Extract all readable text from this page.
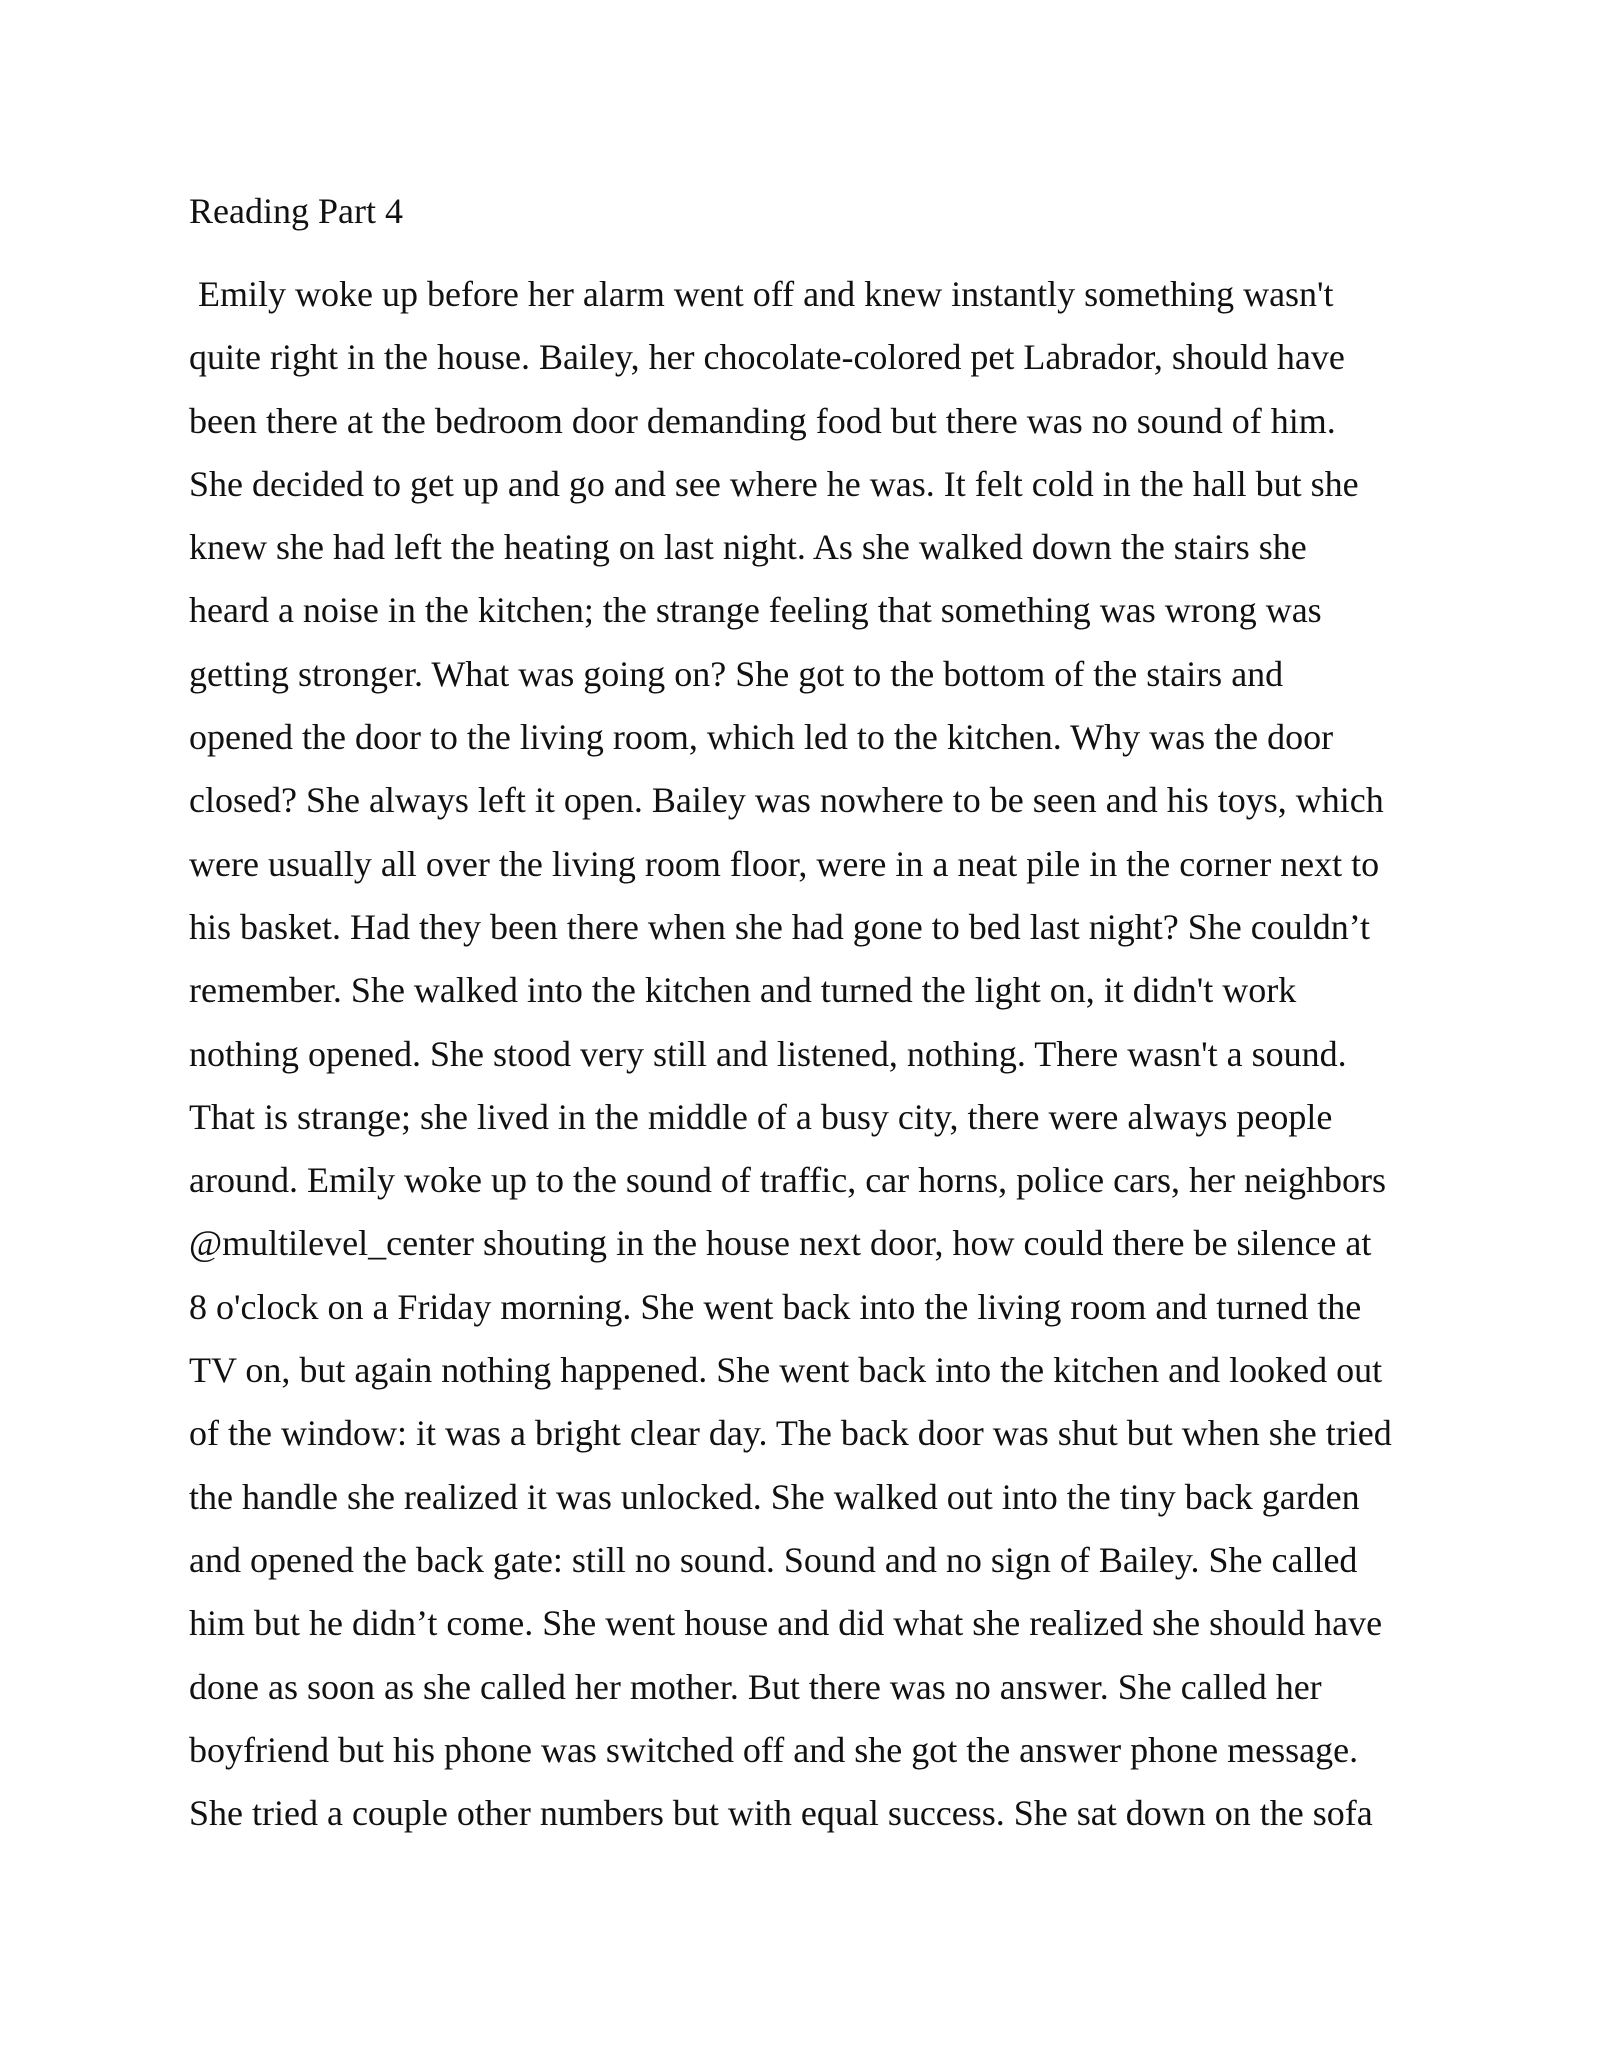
Reading Part 4
Emily woke up before her alarm went off and knew instantly something wasn't
quite right in the house. Bailey, her chocolate-colored pet Labrador, should have
been there at the bedroom door demanding food but there was no sound of him.
She decided to get up and go and see where he was. It felt cold in the hall but she
knew she had left the heating on last night. As she walked down the stairs she
heard a noise in the kitchen; the strange feeling that something was wrong was
getting stronger. What was going on? She got to the bottom of the stairs and
opened the door to the living room, which led to the kitchen. Why was the door
closed? She always left it open. Bailey was nowhere to be seen and his toys, which
were usually all over the living room floor, were in a neat pile in the corner next to
his basket. Had they been there when she had gone to bed last night? She couldn’t
remember. She walked into the kitchen and turned the light on, it didn't work
nothing opened. She stood very still and listened, nothing. There wasn't a sound.
That is strange; she lived in the middle of a busy city, there were always people
around. Emily woke up to the sound of traffic, car horns, police cars, her neighbors
@multilevel_center shouting in the house next door, how could there be silence at
8 o'clock on a Friday morning. She went back into the living room and turned the
TV on, but again nothing happened. She went back into the kitchen and looked out
of the window: it was a bright clear day. The back door was shut but when she tried
the handle she realized it was unlocked. She walked out into the tiny back garden
and opened the back gate: still no sound. Sound and no sign of Bailey. She called
him but he didn’t come. She went house and did what she realized she should have
done as soon as she called her mother. But there was no answer. She called her
boyfriend but his phone was switched off and she got the answer phone message.
She tried a couple other numbers but with equal success. She sat down on the sofa
